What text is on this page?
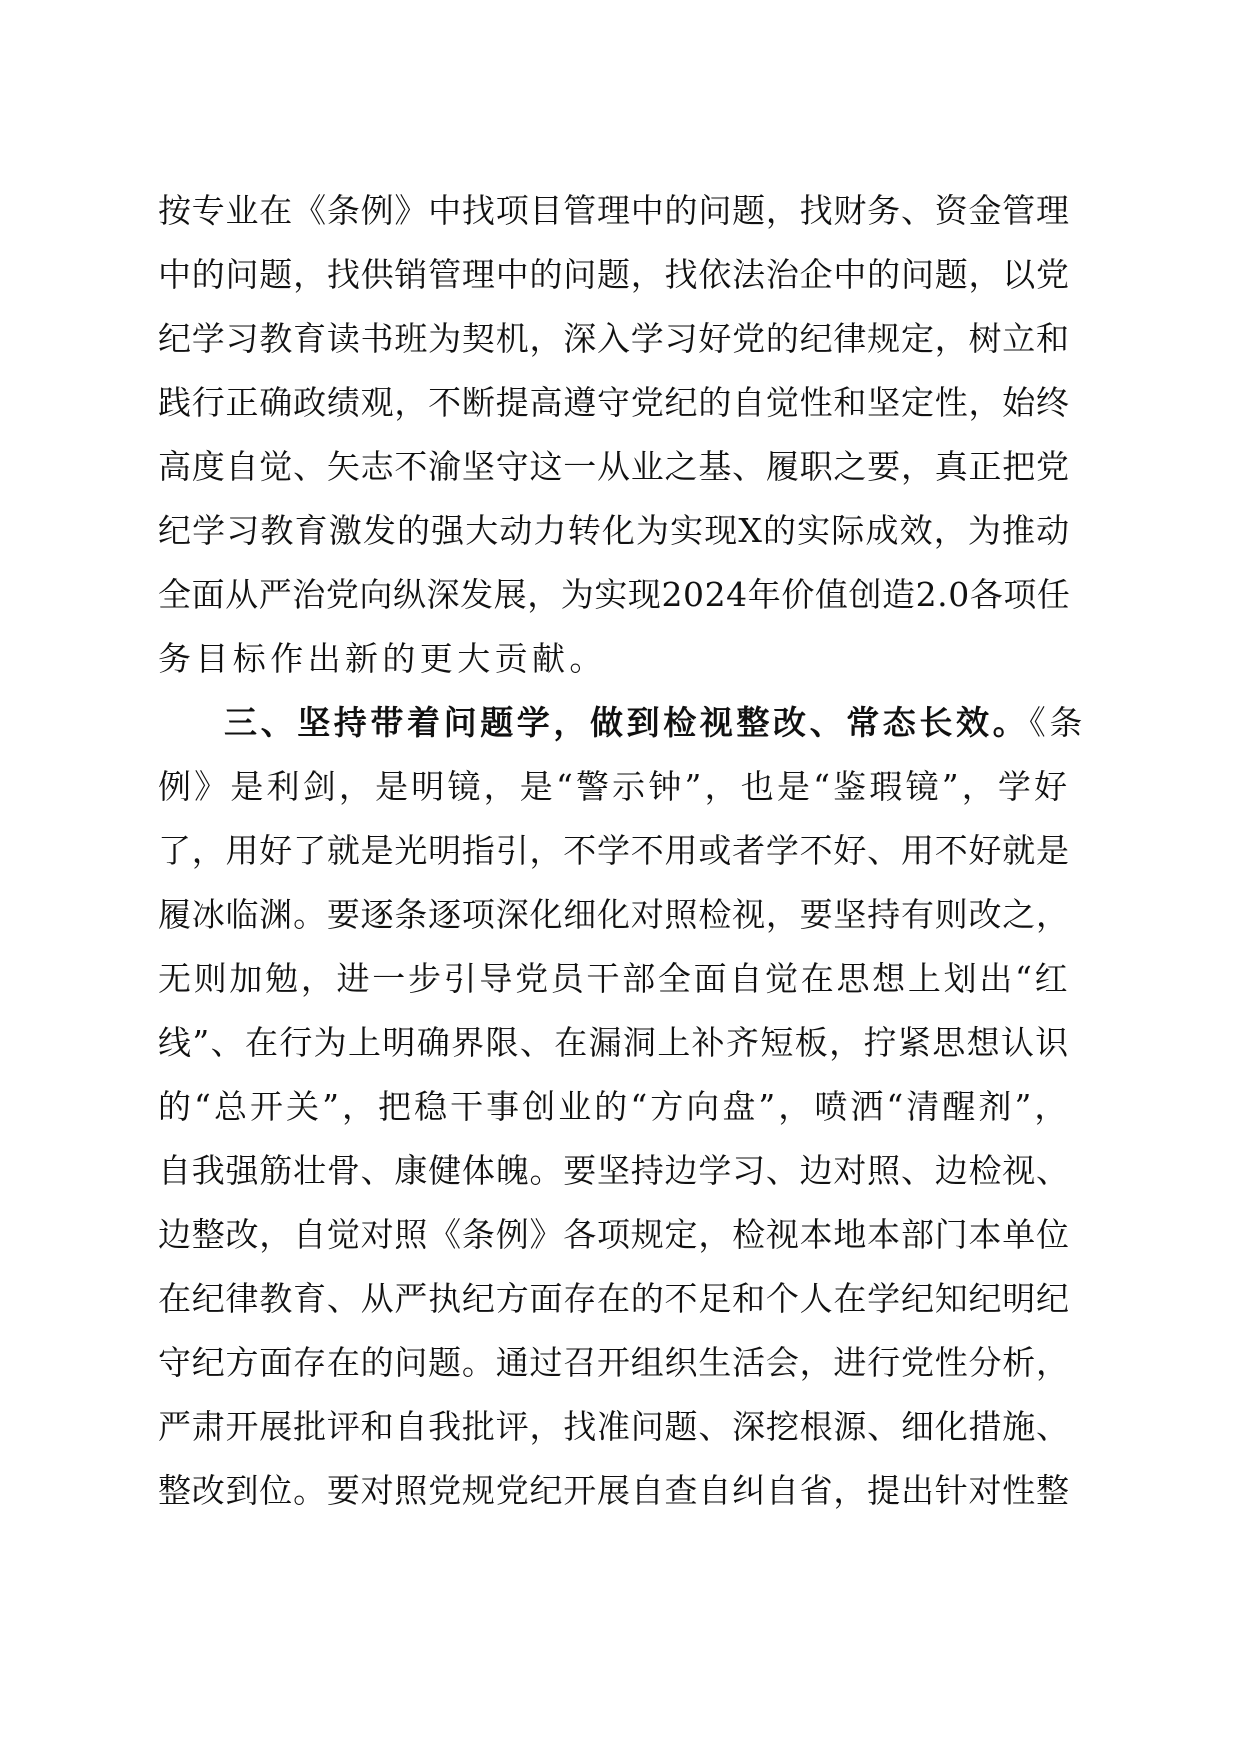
按专业在《条例》中找项目管理中的问题，找财务、资金管理
中的问题，找供销管理中的问题，找依法治企中的问题，以党
纪学习教育读书班为契机，深入学习好党的纪律规定，树立和
践行正确政绩观，不断提高遵守党纪的自觉性和坚定性，始终
高度自觉、矢志不渝坚守这一从业之基、履职之要，真正把党
纪学习教育激发的强大动力转化为实现X的实际成效，为推动
全面从严治党向纵深发展，为实现2024年价值创造2.0各项任
务目标作出新的更大贡献。
三、坚持带着问题学，做到检视整改、常态长效。《条
例》是利剑，是明镜，是“警示钟”，也是“鉴瑕镜”，学好
了，用好了就是光明指引，不学不用或者学不好、用不好就是
履冰临渊。要逐条逐项深化细化对照检视，要坚持有则改之，
无则加勉，进一步引导党员干部全面自觉在思想上划出“红
线”、在行为上明确界限、在漏洞上补齐短板，拧紧思想认识
的“总开关”，把稳干事创业的“方向盘”，喷洒“清醒剂”，
自我强筋壮骨、康健体魄。要坚持边学习、边对照、边检视、
边整改，自觉对照《条例》各项规定，检视本地本部门本单位
在纪律教育、从严执纪方面存在的不足和个人在学纪知纪明纪
守纪方面存在的问题。通过召开组织生活会，进行党性分析，
严肃开展批评和自我批评，找准问题、深挖根源、细化措施、
整改到位。要对照党规党纪开展自查自纠自省，提出针对性整
